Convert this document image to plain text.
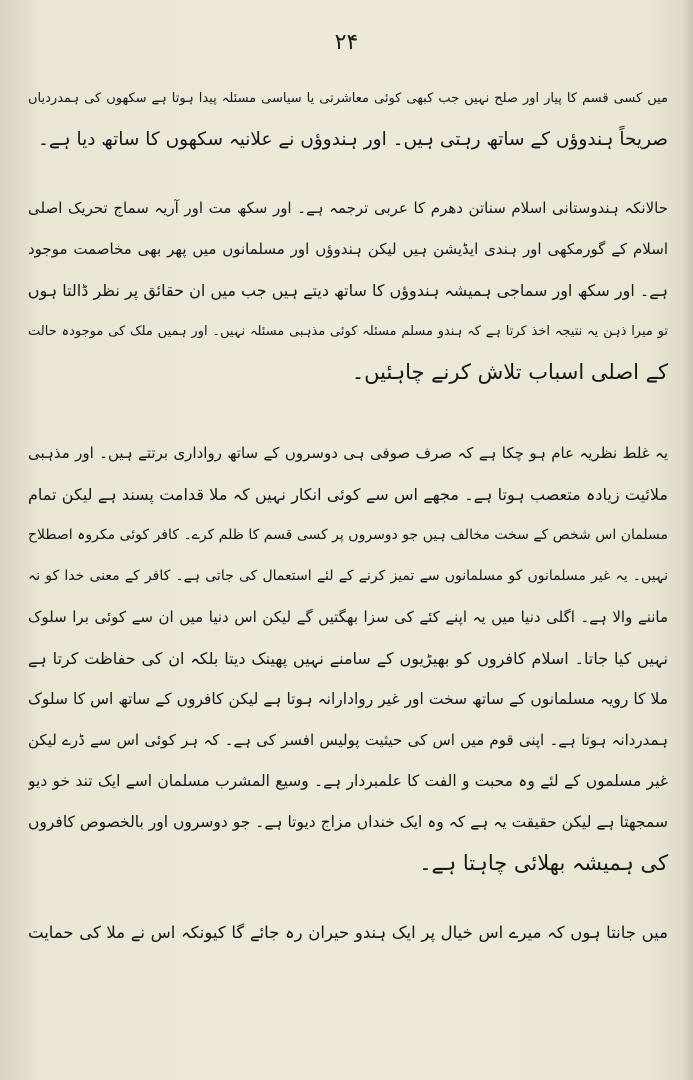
۲۴
میں کسی قسم کا پیار اور صلح نہیں جب کبھی کوئی معاشرتی یا سیاسی مسئلہ پیدا ہوتا ہے سکھوں کی ہمدردیاں
صریحاً ہندوؤں کے ساتھ رہتی ہیں۔ اور ہندوؤں نے علانیہ سکھوں کا ساتھ دیا ہے۔
حالانکہ ہندوستانی اسلام سناتن دھرم کا عربی ترجمہ ہے۔ اور سکھ مت اور آریہ سماج تحریک اصلی
اسلام کے گورمکھی اور ہندی ایڈیشن ہیں لیکن ہندوؤں اور مسلمانوں میں پھر بھی مخاصمت موجود
ہے۔ اور سکھ اور سماجی ہمیشہ ہندوؤں کا ساتھ دیتے ہیں جب میں ان حقائق پر نظر ڈالتا ہوں
تو میرا ذہن یہ نتیجہ اخذ کرتا ہے کہ ہندو مسلم مسئلہ کوئی مذہبی مسئلہ نہیں۔ اور ہمیں ملک کی موجودہ حالت
کے اصلی اسباب تلاش کرنے چاہئیں۔
یہ غلط نظریہ عام ہو چکا ہے کہ صرف صوفی ہی دوسروں کے ساتھ رواداری برتتے ہیں۔ اور مذہبی
ملائیت زیادہ متعصب ہوتا ہے۔ مجھے اس سے کوئی انکار نہیں کہ ملا قدامت پسند ہے لیکن تمام
مسلمان اس شخص کے سخت مخالف ہیں جو دوسروں پر کسی قسم کا ظلم کرے۔ کافر کوئی مکروہ اصطلاح
نہیں۔ یہ غیر مسلمانوں کو مسلمانوں سے تمیز کرنے کے لئے استعمال کی جاتی ہے۔ کافر کے معنی خدا کو نہ
ماننے والا ہے۔ اگلی دنیا میں یہ اپنے کئے کی سزا بھگتیں گے لیکن اس دنیا میں ان سے کوئی برا سلوک
نہیں کیا جاتا۔ اسلام کافروں کو بھیڑیوں کے سامنے نہیں پھینک دیتا بلکہ ان کی حفاظت کرتا ہے
ملا کا رویہ مسلمانوں کے ساتھ سخت اور غیر روادارانہ ہوتا ہے لیکن کافروں کے ساتھ اس کا سلوک
ہمدردانہ ہوتا ہے۔ اپنی قوم میں اس کی حیثیت پولیس افسر کی ہے۔ کہ ہر کوئی اس سے ڈرے لیکن
غیر مسلموں کے لئے وہ محبت و الفت کا علمبردار ہے۔ وسیع المشرب مسلمان اسے ایک تند خو دیو
سمجھتا ہے لیکن حقیقت یہ ہے کہ وہ ایک خنداں مزاج دیوتا ہے۔ جو دوسروں اور بالخصوص کافروں
کی ہمیشہ بھلائی چاہتا ہے۔
میں جانتا ہوں کہ میرے اس خیال پر ایک ہندو حیران رہ جائے گا کیونکہ اس نے ملا کی حمایت
